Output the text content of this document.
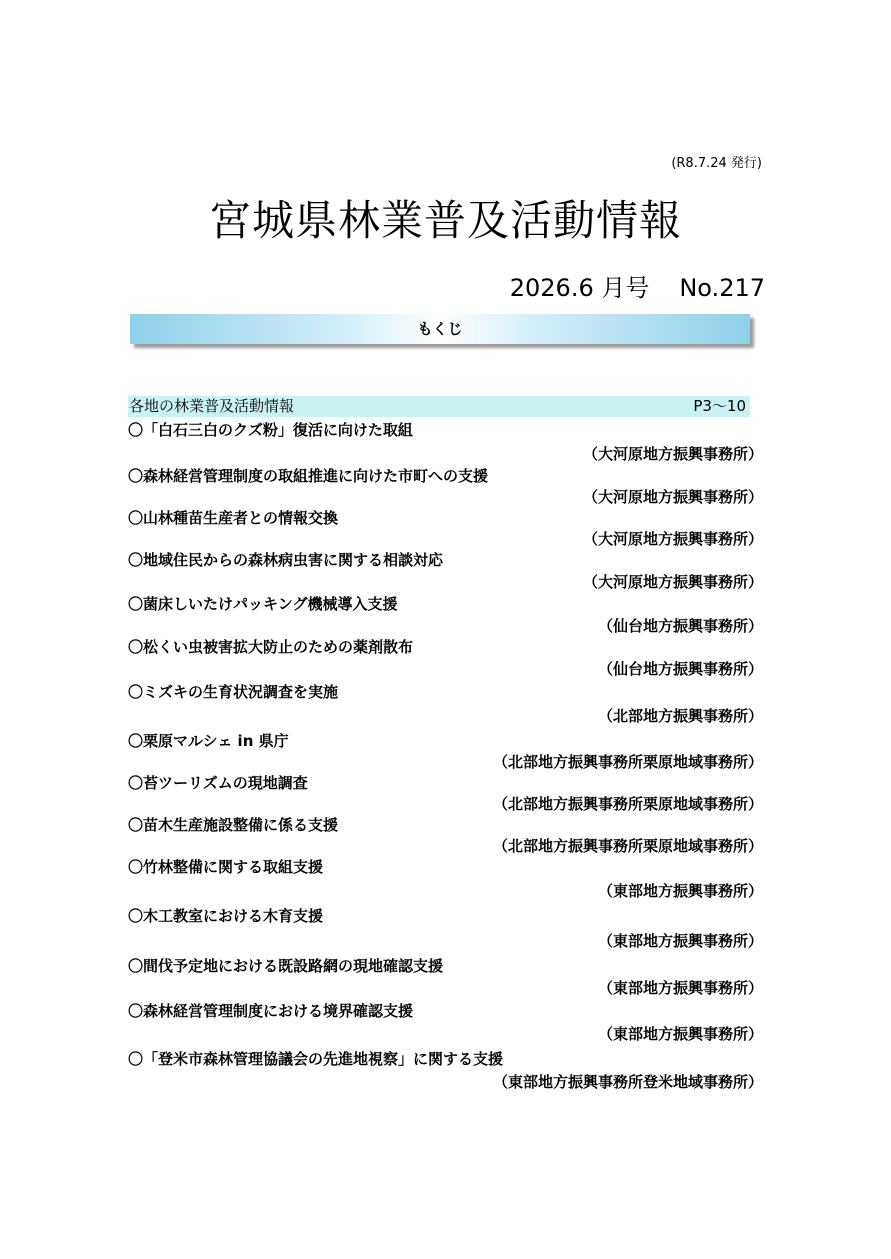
(R8.7.24 発行)
宮城県林業普及活動情報
2026.6 月号 No.217
もくじ
各地の林業普及活動情報	P3～10
〇「白石三白のクズ粉」復活に向けた取組
（大河原地方振興事務所）
〇森林経営管理制度の取組推進に向けた市町への支援
（大河原地方振興事務所）
〇山林種苗生産者との情報交換
（大河原地方振興事務所）
〇地域住民からの森林病虫害に関する相談対応
（大河原地方振興事務所）
〇菌床しいたけパッキング機械導入支援
（仙台地方振興事務所）
〇松くい虫被害拡大防止のための薬剤散布
（仙台地方振興事務所）
〇ミズキの生育状況調査を実施
（北部地方振興事務所）
〇栗原マルシェ in 県庁
（北部地方振興事務所栗原地域事務所）
〇苔ツーリズムの現地調査
（北部地方振興事務所栗原地域事務所）
〇苗木生産施設整備に係る支援
（北部地方振興事務所栗原地域事務所）
〇竹林整備に関する取組支援
（東部地方振興事務所）
〇木工教室における木育支援
（東部地方振興事務所）
〇間伐予定地における既設路網の現地確認支援
（東部地方振興事務所）
〇森林経営管理制度における境界確認支援
（東部地方振興事務所）
〇「登米市森林管理協議会の先進地視察」に関する支援
（東部地方振興事務所登米地域事務所）
